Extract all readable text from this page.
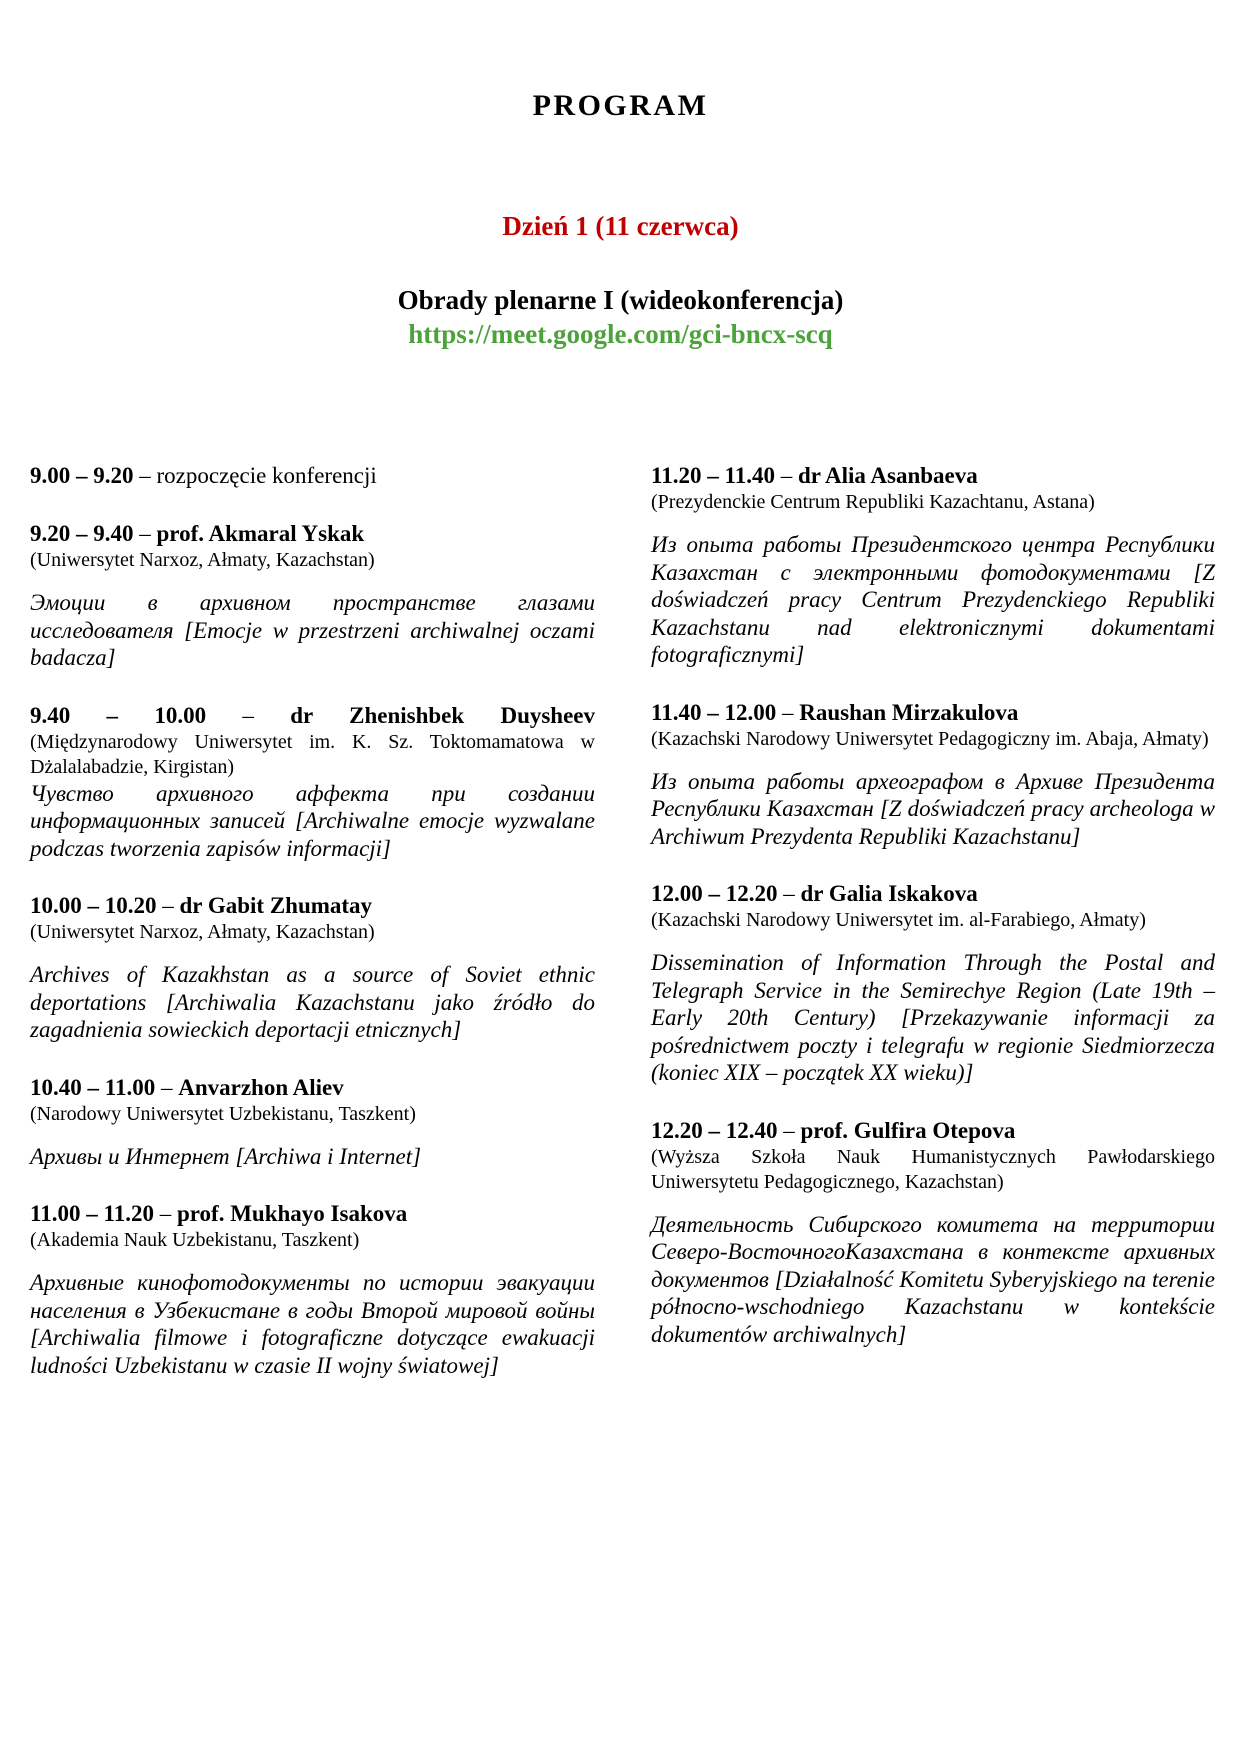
PROGRAM
Dzień 1 (11 czerwca)
Obrady plenarne I (wideokonferencja)
https://meet.google.com/gci-bncx-scq

9.00 – 9.20 – rozpoczęcie konferencji

9.20 – 9.40 – prof. Akmaral Yskak

(Uniwersytet Narxoz, Ałmaty, Kazachstan)

Эмоции в архивном пространстве глазами исследователя [Emocje w przestrzeni archiwalnej oczami badacza]

9.40 – 10.00 – dr Zhenishbek Duysheev

(Międzynarodowy Uniwersytet im. K. Sz. Toktomamatowa w Dżalalabadzie, Kirgistan)

Чувство архивного аффекта при создании информационных записей [Archiwalne emocje wyzwalane podczas tworzenia zapisów informacji]

10.00 – 10.20 – dr Gabit Zhumatay

(Uniwersytet Narxoz, Ałmaty, Kazachstan)

Archives of Kazakhstan as a source of Soviet ethnic deportations [Archiwalia Kazachstanu jako źródło do zagadnienia sowieckich deportacji etnicznych]

10.40 – 11.00 – Anvarzhon Aliev

(Narodowy Uniwersytet Uzbekistanu, Taszkent)

Архивы и Интернет [Archiwa i Internet]

11.00 – 11.20 – prof. Mukhayo Isakova

(Akademia Nauk Uzbekistanu, Taszkent)

Архивные кинофотодокументы по истории эвакуации населения в Узбекистане в годы Второй мировой войны [Archiwalia filmowe i fotograficzne dotyczące ewakuacji ludności Uzbekistanu w czasie II wojny światowej]

11.20 – 11.40 – dr Alia Asanbaeva

(Prezydenckie Centrum Republiki Kazachtanu, Astana)

Из опыта работы Президентского центра Республики Казахстан с электронными фотодокументами [Z doświadczeń pracy Centrum Prezydenckiego Republiki Kazachstanu nad elektronicznymi dokumentami fotograficznymi]

11.40 – 12.00 – Raushan Mirzakulova

(Kazachski Narodowy Uniwersytet Pedagogiczny im. Abaja, Ałmaty)

Из опыта работы археографом в Архиве Президента Республики Казахстан [Z doświadczeń pracy archeologa w Archiwum Prezydenta Republiki Kazachstanu]

12.00 – 12.20 – dr Galia Iskakova

(Kazachski Narodowy Uniwersytet im. al-Farabiego, Ałmaty)

Dissemination of Information Through the Postal and Telegraph Service in the Semirechye Region (Late 19th – Early 20th Century) [Przekazywanie informacji za pośrednictwem poczty i telegrafu w regionie Siedmiorzecza (koniec XIX – początek XX wieku)]

12.20 – 12.40 – prof. Gulfira Otepova

(Wyższa Szkoła Nauk Humanistycznych Pawłodarskiego Uniwersytetu Pedagogicznego, Kazachstan)

Деятельность Сибирского комитета на территории Северо-ВосточногоКазахстана в контексте архивных документов [Działalność Komitetu Syberyjskiego na terenie północno-wschodniego Kazachstanu w kontekście dokumentów archiwalnych]
